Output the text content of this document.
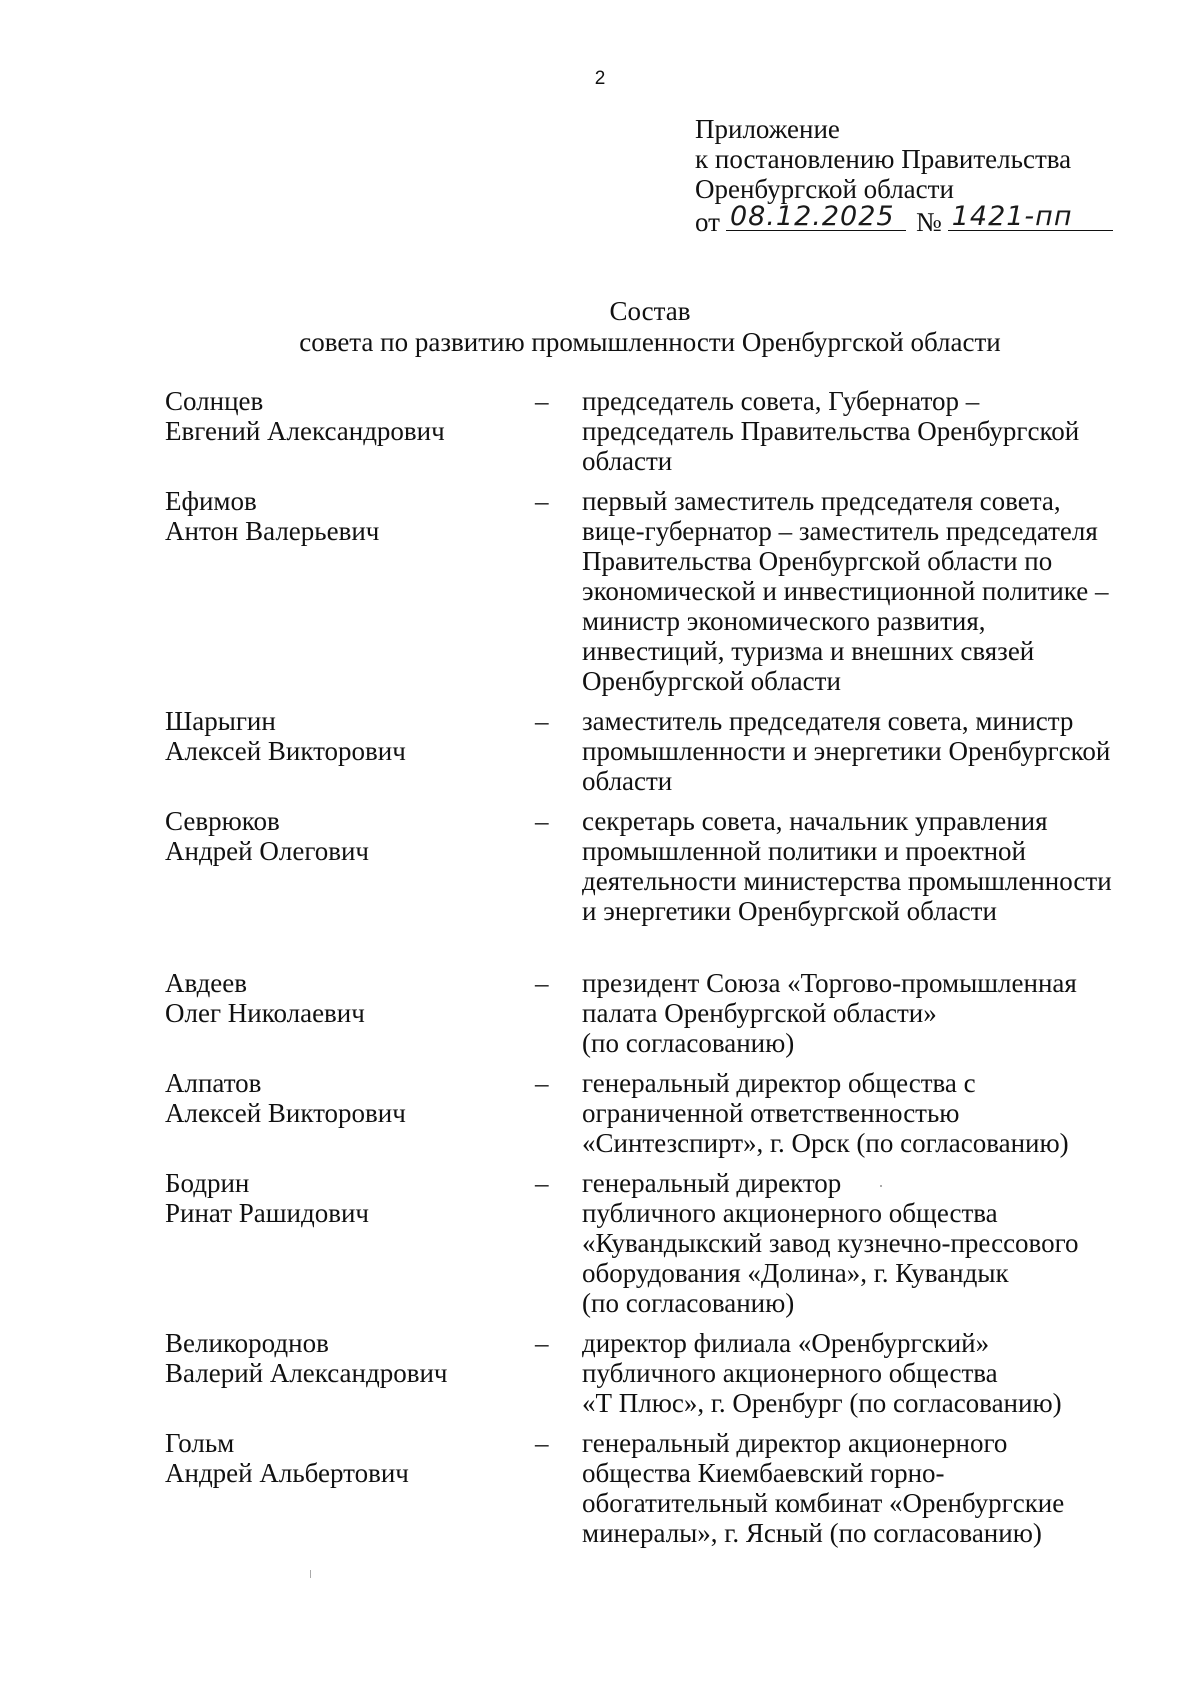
2
Приложение
к постановлению Правительства
Оренбургской области
от 08.12.2025 № 1421-пп
Состав
совета по развитию промышленности Оренбургской области
Солнцев
Евгений Александрович
–	председатель совета, Губернатор –
председатель Правительства Оренбургской
области
Ефимов
Антон Валерьевич
–	первый заместитель председателя совета,
вице-губернатор – заместитель председателя
Правительства Оренбургской области по
экономической и инвестиционной политике –
министр экономического развития,
инвестиций, туризма и внешних связей
Оренбургской области
Шарыгин
Алексей Викторович
–	заместитель председателя совета, министр
промышленности и энергетики Оренбургской
области
Севрюков
Андрей Олегович
–	секретарь совета, начальник управления
промышленной политики и проектной
деятельности министерства промышленности
и энергетики Оренбургской области
Авдеев
Олег Николаевич
–	президент Союза «Торгово-промышленная
палата Оренбургской области»
(по согласованию)
Алпатов
Алексей Викторович
–	генеральный директор общества с
ограниченной ответственностью
«Синтезспирт», г. Орск (по согласованию)
Бодрин
Ринат Рашидович
–	генеральный директор
публичного акционерного общества
«Кувандыкский завод кузнечно-прессового
оборудования «Долина», г. Кувандык
(по согласованию)
Великороднов
Валерий Александрович
–	директор филиала «Оренбургский»
публичного акционерного общества
«Т Плюс», г. Оренбург (по согласованию)
Гольм
Андрей Альбертович
–	генеральный директор акционерного
общества Киембаевский горно-
обогатительный комбинат «Оренбургские
минералы», г. Ясный (по согласованию)
